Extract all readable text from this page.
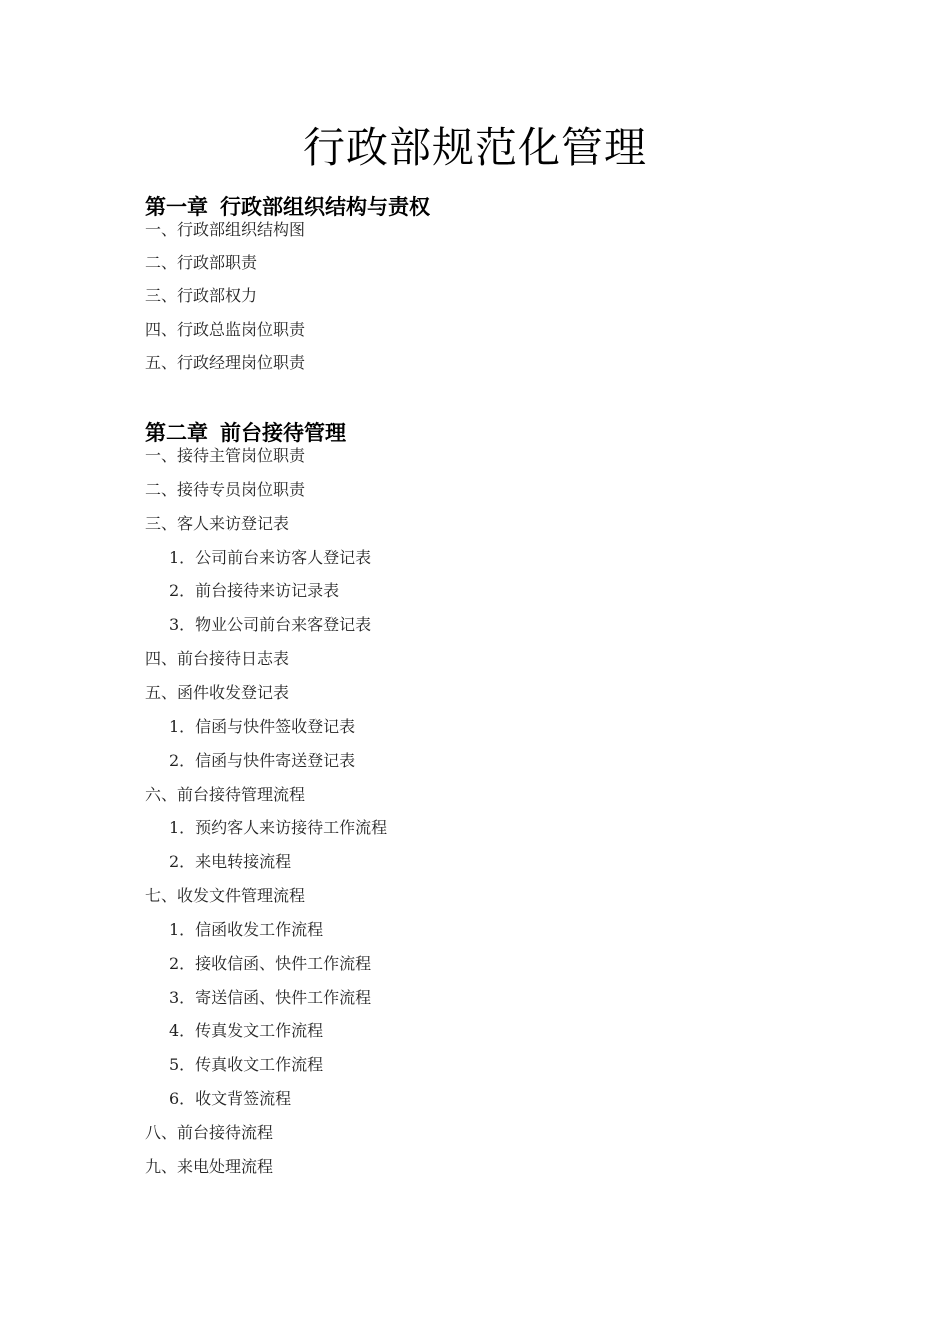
行政部规范化管理
第一章 行政部组织结构与责权
一、行政部组织结构图
二、行政部职责
三、行政部权力
四、行政总监岗位职责
五、行政经理岗位职责
第二章 前台接待管理
一、接待主管岗位职责
二、接待专员岗位职责
三、客人来访登记表
1．公司前台来访客人登记表
2．前台接待来访记录表
3．物业公司前台来客登记表
四、前台接待日志表
五、函件收发登记表
1．信函与快件签收登记表
2．信函与快件寄送登记表
六、前台接待管理流程
1．预约客人来访接待工作流程
2．来电转接流程
七、收发文件管理流程
1．信函收发工作流程
2．接收信函、快件工作流程
3．寄送信函、快件工作流程
4．传真发文工作流程
5．传真收文工作流程
6．收文背签流程
八、前台接待流程
九、来电处理流程
